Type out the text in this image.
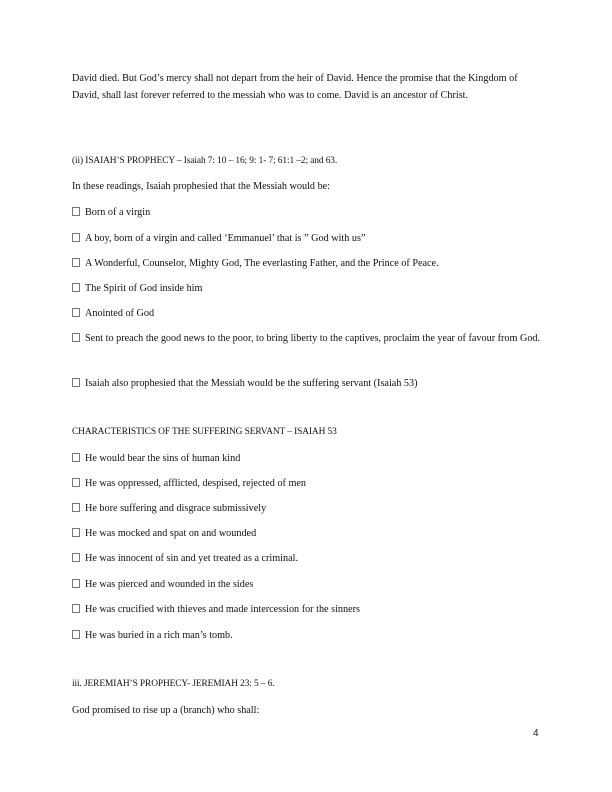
David died. But God’s mercy shall not depart from the heir of David. Hence the promise that the Kingdom of David, shall last forever referred to the messiah who was to come. David is an ancestor of Christ.

(ii) ISAIAH’S PROPHECY – Isaiah 7: 10 – 16; 9: 1- 7; 61:1 –2; and 63.

In these readings, Isaiah prophesied that the Messiah would be:

Born of a virgin

A boy, born of a virgin and called ‘Emmanuel’ that is ” God with us”

A Wonderful, Counselor, Mighty God, The everlasting Father, and the Prince of Peace.

The Spirit of God inside him

Anointed of God

Sent to preach the good news to the poor, to bring liberty to the captives, proclaim the year of favour from God.

Isaiah also prophesied that the Messiah would be the suffering servant (Isaiah 53)

CHARACTERISTICS OF THE SUFFERING SERVANT – ISAIAH 53

He would bear the sins of human kind

He was oppressed, afflicted, despised, rejected of men

He bore suffering and disgrace submissively

He was mocked and spat on and wounded

He was innocent of sin and yet treated as a criminal.

He was pierced and wounded in the sides

He was crucified with thieves and made intercession for the sinners

He was buried in a rich man’s tomb.

iii. JEREMIAH’S PROPHECY- JEREMIAH 23: 5 – 6.

God promised to rise up a (branch) who shall:

4
